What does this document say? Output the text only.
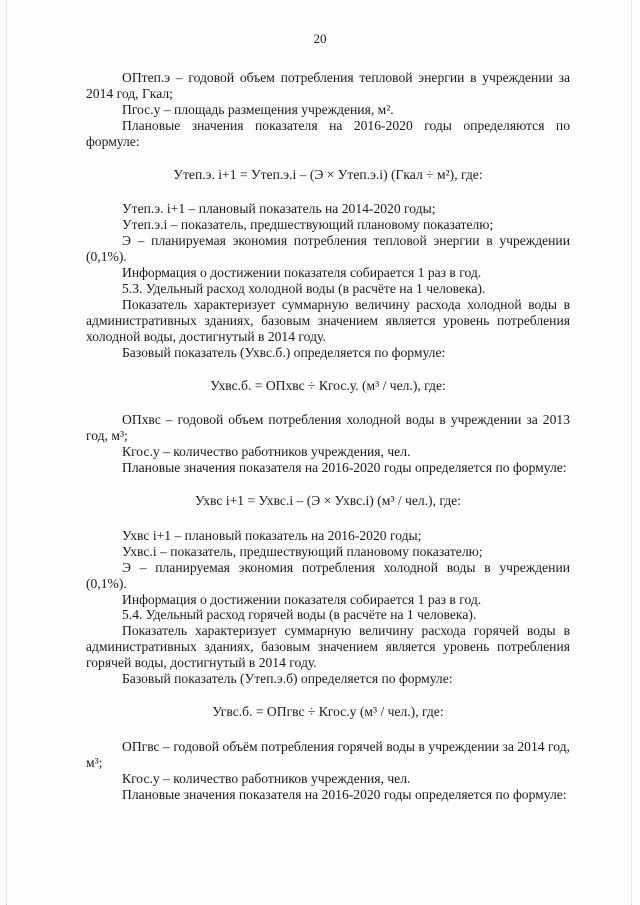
20

ОПтеп.э – годовой объем потребления тепловой энергии в учреждении за 2014 год, Гкал;

Пгос.у – площадь размещения учреждения, м².

Плановые значения показателя на 2016-2020 годы определяются по формуле:

Утеп.э. i+1 = Утеп.э.i – (Э × Утеп.э.i) (Гкал ÷ м²), где:

Утеп.э. i+1 – плановый показатель на 2014-2020 годы;

Утеп.э.i – показатель, предшествующий плановому показателю;

Э – планируемая экономия потребления тепловой энергии в учреждении (0,1%).

Информация о достижении показателя собирается 1 раз в год.

5.3. Удельный расход холодной воды (в расчёте на 1 человека).

Показатель характеризует суммарную величину расхода холодной воды в административных зданиях, базовым значением является уровень потребления холодной воды, достигнутый в 2014 году.

Базовый показатель (Ухвс.б.) определяется по формуле:

Ухвс.б. = ОПхвс ÷ Кгос.у. (м³ / чел.), где:

ОПхвс – годовой объем потребления холодной воды в учреждении за 2013 год, м³;

Кгос.у – количество работников учреждения, чел.

Плановые значения показателя на 2016-2020 годы определяется по формуле:

Ухвс i+1 = Ухвс.i – (Э × Ухвс.i) (м³ / чел.), где:

Ухвс i+1 – плановый показатель на 2016-2020 годы;

Ухвс.i – показатель, предшествующий плановому показателю;

Э – планируемая экономия потребления холодной воды в учреждении (0,1%).

Информация о достижении показателя собирается 1 раз в год.

5.4. Удельный расход горячей воды (в расчёте на 1 человека).

Показатель характеризует суммарную величину расхода горячей воды в административных зданиях, базовым значением является уровень потребления горячей воды, достигнутый в 2014 году.

Базовый показатель (Утеп.э.б) определяется по формуле:

Угвс.б. = ОПгвс ÷ Кгос.у (м³ / чел.), где:

ОПгвс – годовой объём потребления горячей воды в учреждении за 2014 год, м³;

Кгос.у – количество работников учреждения, чел.

Плановые значения показателя на 2016-2020 годы определяется по формуле:
